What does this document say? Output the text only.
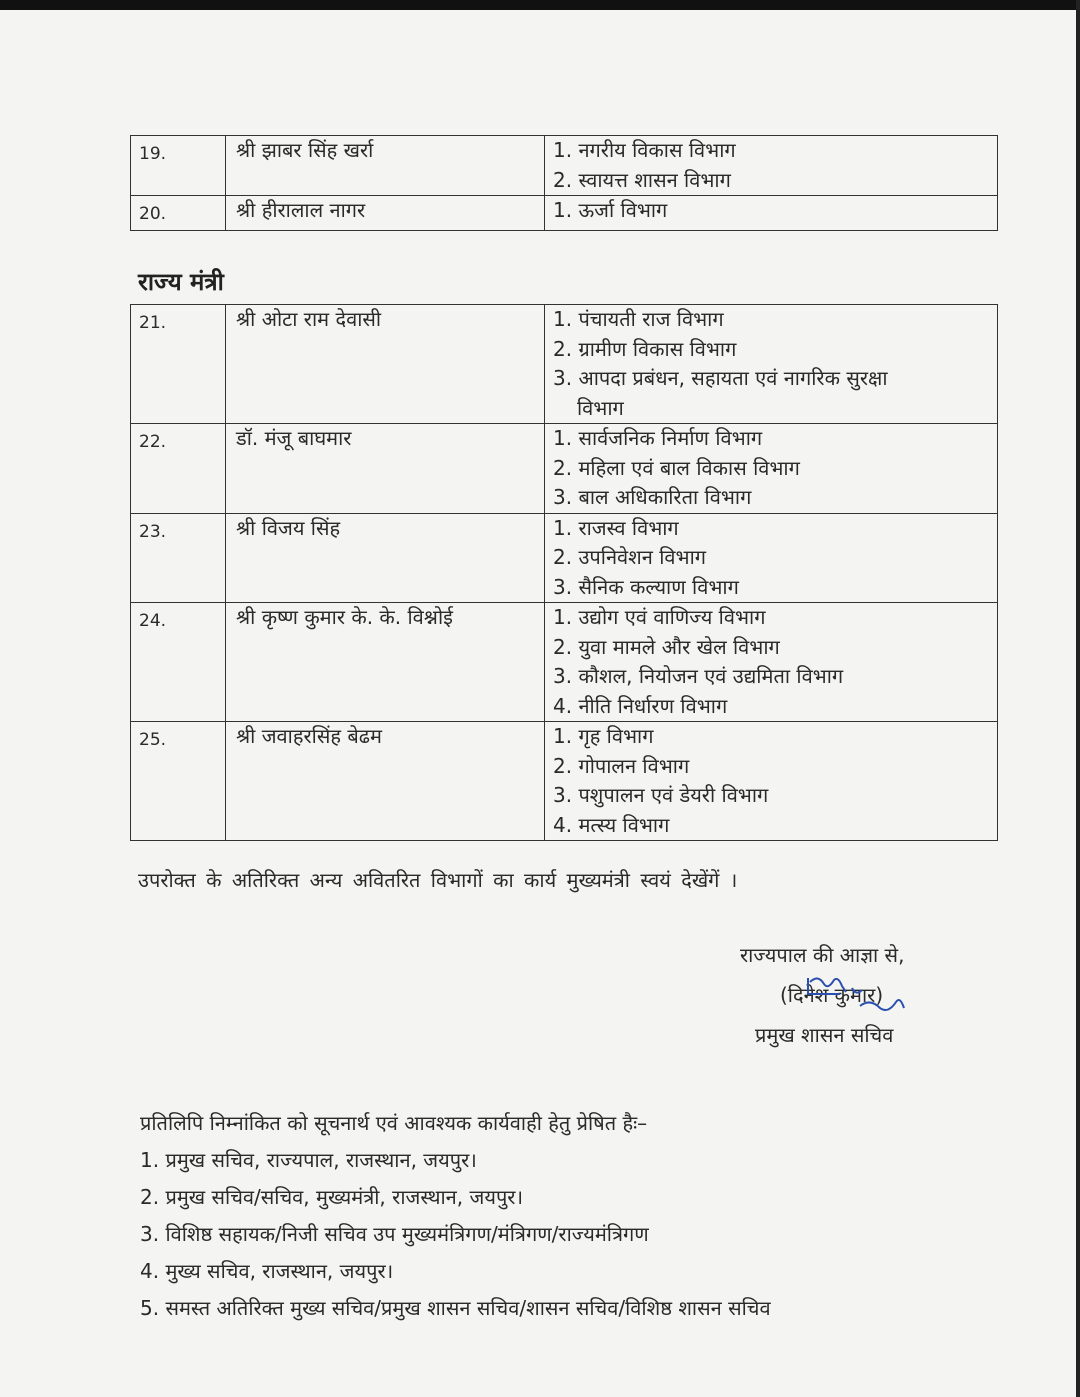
19.	श्री झाबर सिंह खर्रा	1. नगरीय विकास विभाग
2. स्वायत्त शासन विभाग

20.	श्री हीरालाल नागर	1. ऊर्जा विभाग
राज्य मंत्री
21.	श्री ओटा राम देवासी	1. पंचायती राज विभाग
2. ग्रामीण विकास विभाग
3. आपदा प्रबंधन, सहायता एवं नागरिक सुरक्षा
विभाग

22.	डॉ. मंजू बाघमार	1. सार्वजनिक निर्माण विभाग
2. महिला एवं बाल विकास विभाग
3. बाल अधिकारिता विभाग

23.	श्री विजय सिंह	1. राजस्व विभाग
2. उपनिवेशन विभाग
3. सैनिक कल्याण विभाग

24.	श्री कृष्ण कुमार के. के. विश्नोई	1. उद्योग एवं वाणिज्य विभाग
2. युवा मामले और खेल विभाग
3. कौशल, नियोजन एवं उद्यमिता विभाग
4. नीति निर्धारण विभाग

25.	श्री जवाहरसिंह बेढम	1. गृह विभाग
2. गोपालन विभाग
3. पशुपालन एवं डेयरी विभाग
4. मत्स्य विभाग
उपरोक्त के अतिरिक्त अन्य अवितरित विभागों का कार्य मुख्यमंत्री स्वयं देखेंगें ।
राज्यपाल की आज्ञा से,
(दिनेश कुमार)
प्रमुख शासन सचिव
प्रतिलिपि निम्नांकित को सूचनार्थ एवं आवश्यक कार्यवाही हेतु प्रेषित हैः–
1. प्रमुख सचिव, राज्यपाल, राजस्थान, जयपुर।
2. प्रमुख सचिव/सचिव, मुख्यमंत्री, राजस्थान, जयपुर।
3. विशिष्ठ सहायक/निजी सचिव उप मुख्यमंत्रिगण/मंत्रिगण/राज्यमंत्रिगण
4. मुख्य सचिव, राजस्थान, जयपुर।
5. समस्त अतिरिक्त मुख्य सचिव/प्रमुख शासन सचिव/शासन सचिव/विशिष्ठ शासन सचिव
